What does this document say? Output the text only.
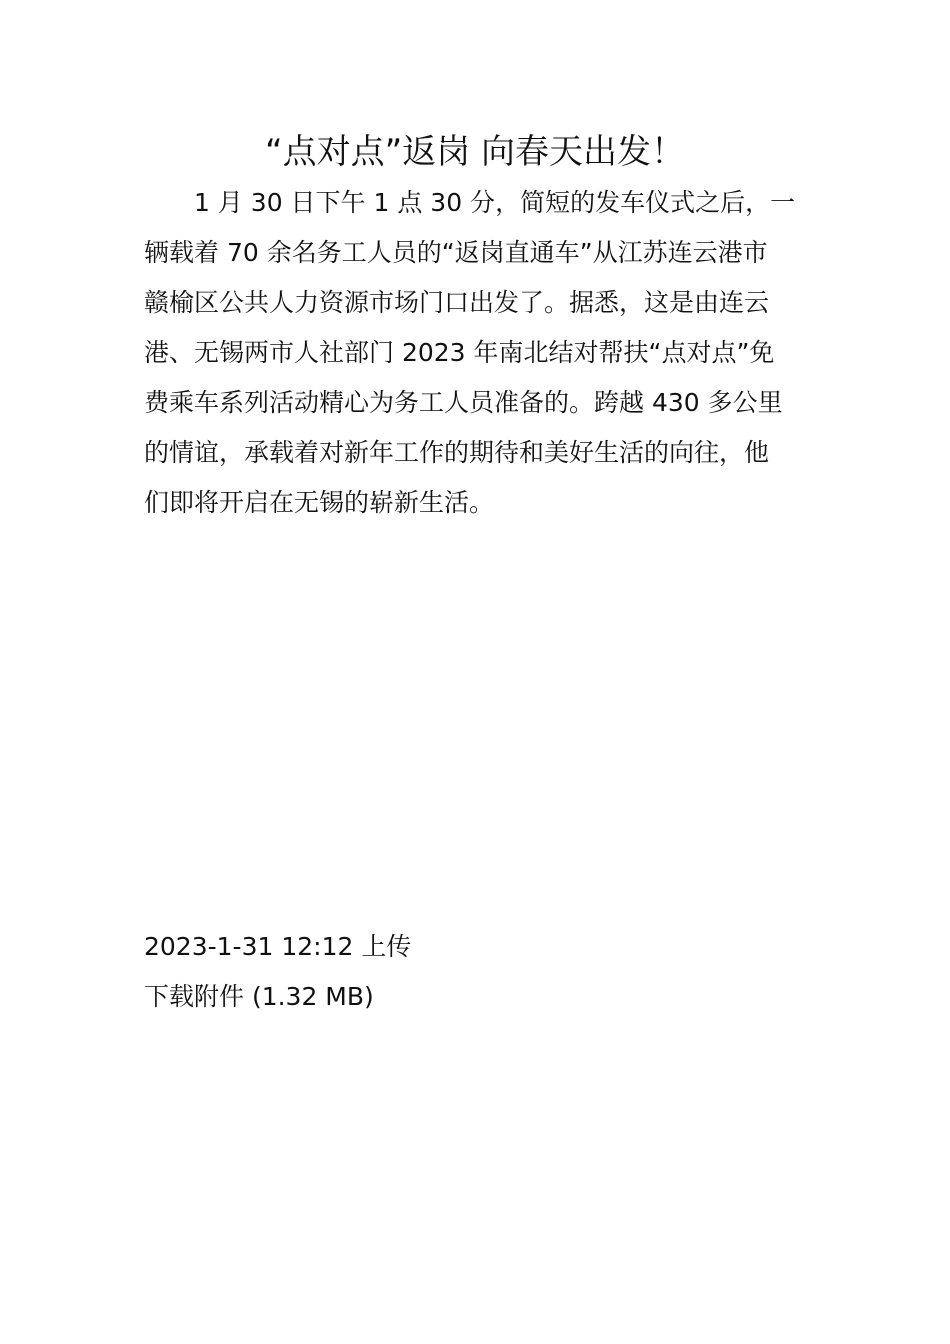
“点对点”返岗 向春天出发！
1 月 30 日下午 1 点 30 分，简短的发车仪式之后，一
辆载着 70 余名务工人员的“返岗直通车”从江苏连云港市
赣榆区公共人力资源市场门口出发了。据悉，这是由连云
港、无锡两市人社部门 2023 年南北结对帮扶“点对点”免
费乘车系列活动精心为务工人员准备的。跨越 430 多公里
的情谊，承载着对新年工作的期待和美好生活的向往，他
们即将开启在无锡的崭新生活。
2023-1-31 12:12 上传
下载附件 (1.32 MB)
